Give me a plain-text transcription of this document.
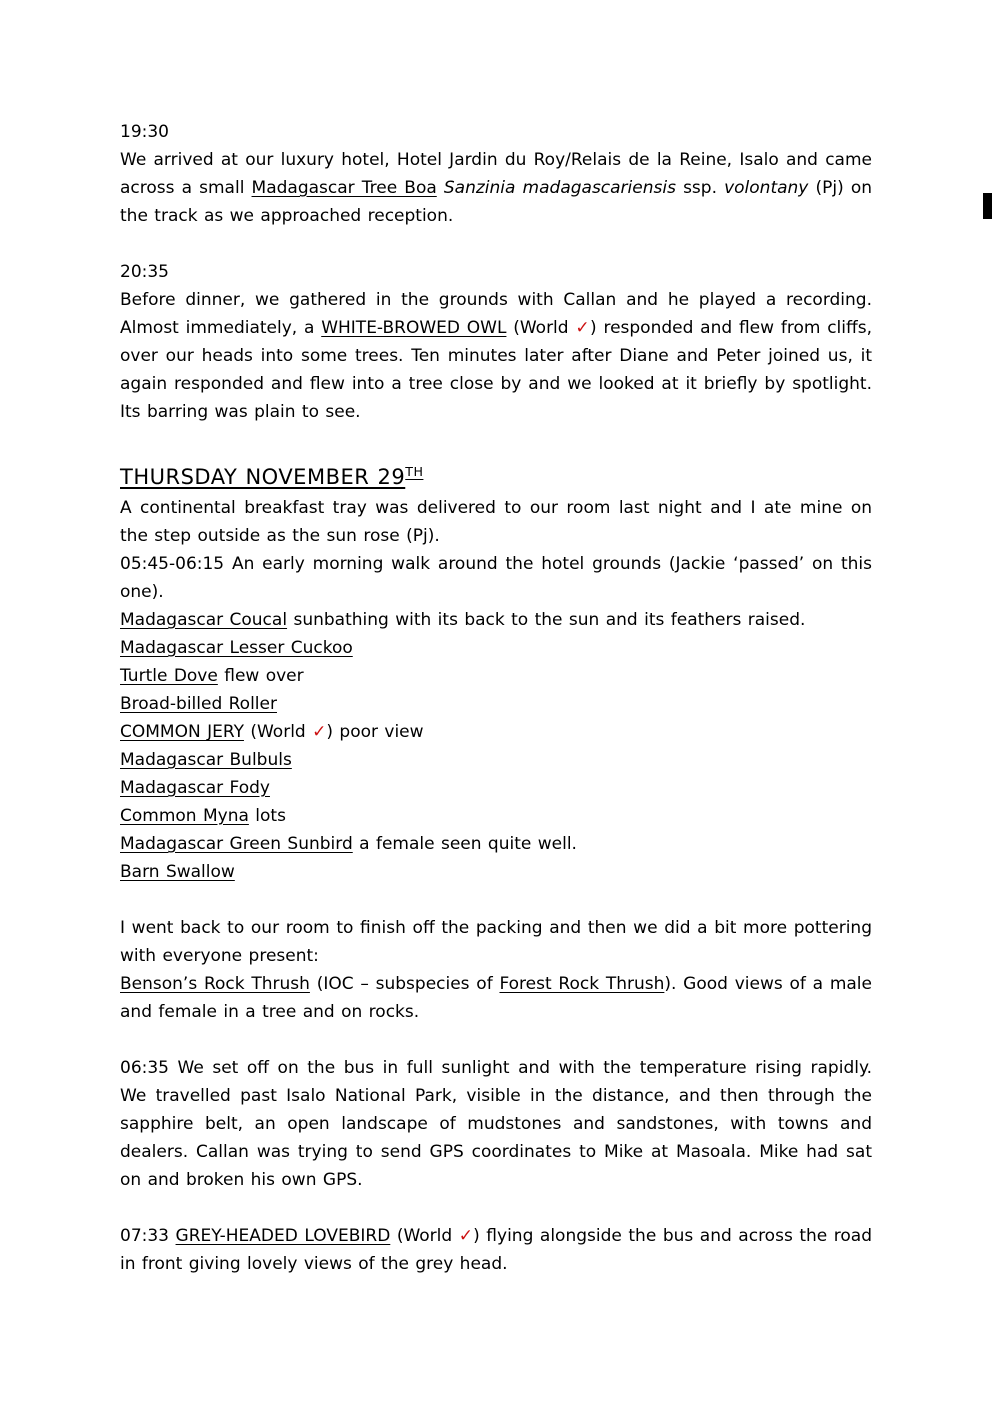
19:30

We arrived at our luxury hotel, Hotel Jardin du Roy/Relais de la Reine, Isalo and came across a small Madagascar Tree Boa Sanzinia madagascariensis ssp. volontany (Pj) on the track as we approached reception.

20:35

Before dinner, we gathered in the grounds with Callan and he played a recording. Almost immediately, a WHITE-BROWED OWL (World ✓) responded and flew from cliffs, over our heads into some trees. Ten minutes later after Diane and Peter joined us, it again responded and flew into a tree close by and we looked at it briefly by spotlight. Its barring was plain to see.

THURSDAY NOVEMBER 29TH

A continental breakfast tray was delivered to our room last night and I ate mine on the step outside as the sun rose (Pj).

05:45-06:15 An early morning walk around the hotel grounds (Jackie ‘passed’ on this one).

Madagascar Coucal sunbathing with its back to the sun and its feathers raised.

Madagascar Lesser Cuckoo

Turtle Dove flew over

Broad-billed Roller

COMMON JERY (World ✓) poor view

Madagascar Bulbuls

Madagascar Fody

Common Myna lots

Madagascar Green Sunbird a female seen quite well.

Barn Swallow

I went back to our room to finish off the packing and then we did a bit more pottering with everyone present:

Benson’s Rock Thrush (IOC – subspecies of Forest Rock Thrush). Good views of a male and female in a tree and on rocks.

06:35 We set off on the bus in full sunlight and with the temperature rising rapidly. We travelled past Isalo National Park, visible in the distance, and then through the sapphire belt, an open landscape of mudstones and sandstones, with towns and dealers. Callan was trying to send GPS coordinates to Mike at Masoala. Mike had sat on and broken his own GPS.

07:33 GREY-HEADED LOVEBIRD (World ✓) flying alongside the bus and across the road in front giving lovely views of the grey head.
